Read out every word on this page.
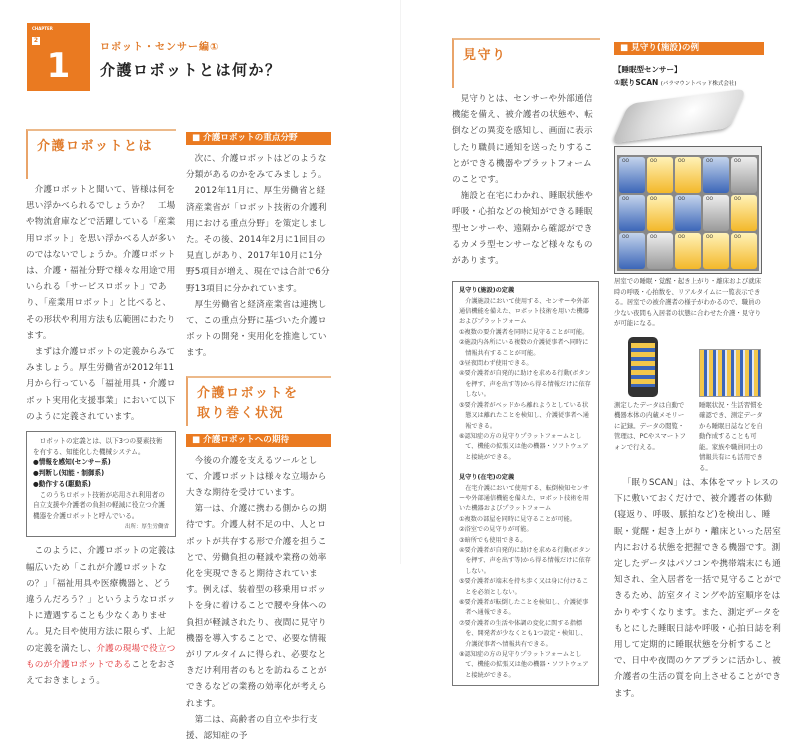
CHAPTER
2
1	ロボット・センサー編①
介護ロボットとは何か？
介護ロボットとは

介護ロボットと聞いて、皆様は何を思い浮かべられるでしょうか？　工場や物流倉庫などで活躍している「産業用ロボット」を思い浮かべる人が多いのではないでしょうか。介護ロボットは、介護・福祉分野で様々な用途で用いられる「サービスロボット」であり、「産業用ロボット」と比べると、その形状や利用方法も広範囲にわたります。

まずは介護ロボットの定義からみてみましょう。厚生労働省が2012年11月から行っている「福祉用具・介護ロボット実用化支援事業」において以下のように定義されています。

ロボットの定義とは、以下3つの要素技術を有する、知能化した機械システム。
●情報を感知(センサー系)
●判断し(知能・制御系)
●動作する(駆動系)
このうちロボット技術が応用され利用者の自立支援や介護者の負担の軽減に役立つ介護機器を介護ロボットと呼んでいる。
出所：厚生労働省

このように、介護ロボットの定義は幅広いため「これが介護ロボットなの？」「福祉用具や医療機器と、どう違うんだろう？」というようなロボットに遭遇することも少なくありません。見た目や使用方法に限らず、上記の定義を満たし、介護の現場で役立つものが介護ロボットであることをおさえておきましょう。

■ 介護ロボットの重点分野

次に、介護ロボットはどのような分類があるのかをみてみましょう。

2012年11月に、厚生労働省と経済産業省が「ロボット技術の介護利用における重点分野」を策定しました。その後、2014年2月に1回目の見直しがあり、2017年10月に1分野5項目が増え、現在では合計で6分野13項目に分かれています。

厚生労働省と経済産業省は連携して、この重点分野に基づいた介護ロボットの開発・実用化を推進しています。

介護ロボットを
取り巻く状況
■ 介護ロボットへの期待

今後の介護を支えるツールとして、介護ロボットは様々な立場から大きな期待を受けています。

第一は、介護に携わる側からの期待です。介護人材不足の中、人とロボットが共存する形で介護を担うことで、労働負担の軽減や業務の効率化を実現できると期待されています。例えば、装着型の移乗用ロボットを身に着けることで腰や身体への負担が軽減されたり、夜間に見守り機器を導入することで、必要な情報がリアルタイムに得られ、必要なときだけ利用者のもとを訪ねることができるなどの業務の効率化が考えられます。

第二は、高齢者の自立や歩行支援、認知症の予

見守り

見守りとは、センサーや外部通信機能を備え、被介護者の状態や、転倒などの異変を感知し、画面に表示したり職員に通知を送ったりすることができる機器やプラットフォームのことです。

施設と在宅にわかれ、睡眠状態や呼吸・心拍などの検知ができる睡眠型センサーや、遠隔から確認ができるカメラ型センサーなど様々なものがあります。

見守り(施設)の定義
介護施設において使用する、センサーや外部通信機能を備えた、ロボット技術を用いた機器およびプラットフォーム
①複数の要介護者を同時に見守ることが可能。
②施設内各所にいる複数の介護従事者へ同時に情報共有することが可能。
③昼夜問わず使用できる。
④要介護者が自発的に助けを求める行動(ボタンを押す、声を出す等)から得る情報だけに依存しない。
⑤要介護者がベッドから離れようとしている状態又は離れたことを検知し、介護従事者へ通報できる。
⑥認知症の方の見守りプラットフォームとして、機能の拡張又は他の機器・ソフトウェアと接続ができる。
見守り(在宅)の定義
在宅介護において使用する、転倒検知センサーや外部通信機能を備えた、ロボット技術を用いた機器およびプラットフォーム
①複数の部屋を同時に見守ることが可能。
②浴室での見守りが可能。
③暗所でも使用できる。
④要介護者が自発的に助けを求める行動(ボタンを押す、声を出す等)から得る情報だけに依存しない。
⑤要介護者が端末を持ち歩く又は身に付けることを必須としない。
⑥要介護者が転倒したことを検知し、介護従事者へ通報できる。
⑦要介護者の生活や体調の変化に関する指標を、開発者が少なくとも1つ設定・検知し、介護従事者へ情報共有できる。
⑧認知症の方の見守りプラットフォームとして、機能の拡張又は他の機器・ソフトウェアと接続ができる。
■ 見守り(施設)の例
【睡眠型センサー】
①眠りSCAN (パラマウントベッド株式会社)
OO	OO	OO	OO	OO
OO	OO	OO	OO	OO
OO	OO	OO	OO	OO
居室での睡眠・覚醒・起き上がり・離床および就床時の呼吸・心拍数を、リアルタイムに一覧表示できる。居室での被介護者の様子がわかるので、職員の少ない夜間も入居者の状態に合わせた介護・見守りが可能になる。
測定したデータは自動で機器本体の内蔵メモリーに記録。データの閲覧・管理は、PCやスマートフォンで行える。
睡眠状況・生活習慣を確認でき、測定データから睡眠日誌などを自動作成することも可能。家族や職員同士の情報共有にも活用できる。

「眠りSCAN」は、本体をマットレスの下に敷いておくだけで、被介護者の体動(寝返り、呼吸、脈拍など)を検出し、睡眠・覚醒・起き上がり・離床といった居室内における状態を把握できる機器です。測定したデータはパソコンや携帯端末にも通知され、全入居者を一括で見守ることができるため、訪室タイミングや訪室順序をはかりやすくなります。また、測定データをもとにした睡眠日誌や呼吸・心拍日誌を利用して定期的に睡眠状態を分析することで、日中や夜間のケアプランに活かし、被介護者の生活の質を向上させることができます。
